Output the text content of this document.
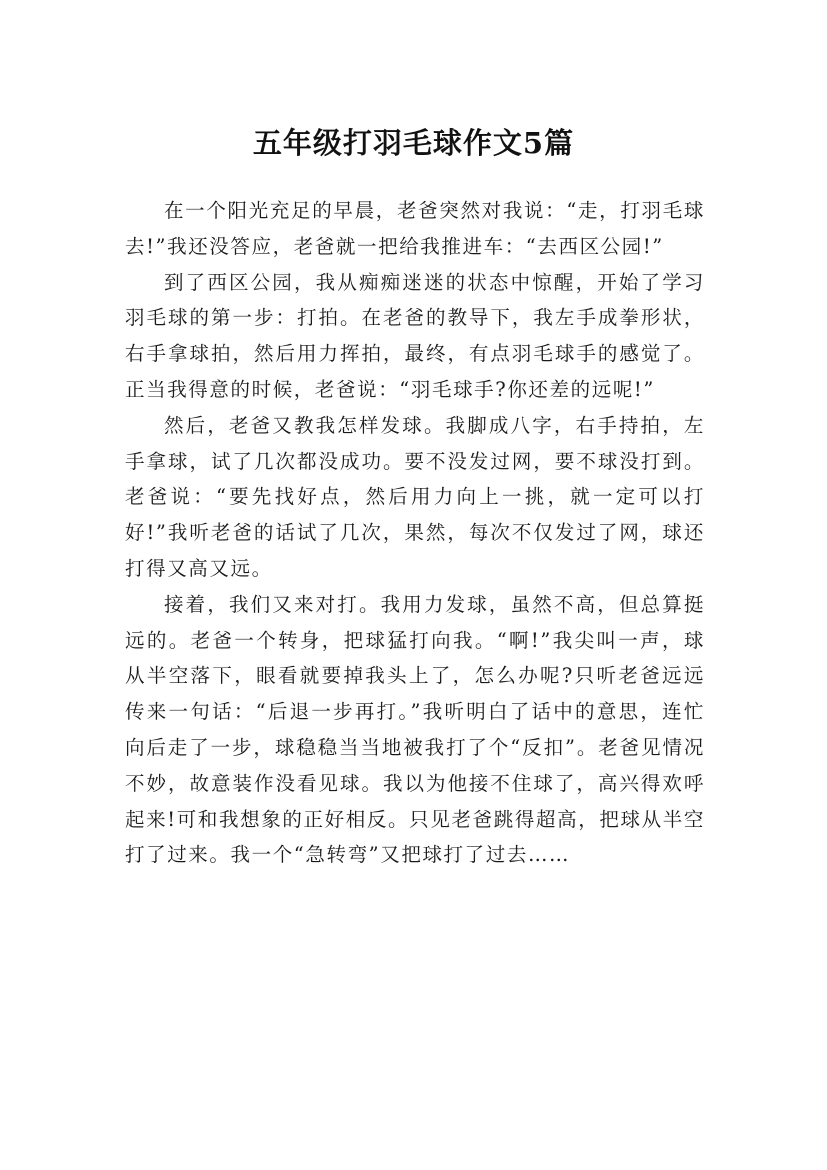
五年级打羽毛球作文5篇

在一个阳光充足的早晨，老爸突然对我说：“走，打羽毛球去!”我还没答应，老爸就一把给我推进车：“去西区公园!”

到了西区公园，我从痴痴迷迷的状态中惊醒，开始了学习羽毛球的第一步：打拍。在老爸的教导下，我左手成拳形状，右手拿球拍，然后用力挥拍，最终，有点羽毛球手的感觉了。正当我得意的时候，老爸说：“羽毛球手?你还差的远呢!”

然后，老爸又教我怎样发球。我脚成八字，右手持拍，左手拿球，试了几次都没成功。要不没发过网，要不球没打到。老爸说：“要先找好点，然后用力向上一挑，就一定可以打好!”我听老爸的话试了几次，果然，每次不仅发过了网，球还打得又高又远。

接着，我们又来对打。我用力发球，虽然不高，但总算挺远的。老爸一个转身，把球猛打向我。“啊!”我尖叫一声，球从半空落下，眼看就要掉我头上了，怎么办呢?只听老爸远远传来一句话：“后退一步再打。”我听明白了话中的意思，连忙向后走了一步，球稳稳当当地被我打了个“反扣”。老爸见情况不妙，故意装作没看见球。我以为他接不住球了，高兴得欢呼起来!可和我想象的正好相反。只见老爸跳得超高，把球从半空打了过来。我一个“急转弯”又把球打了过去……
